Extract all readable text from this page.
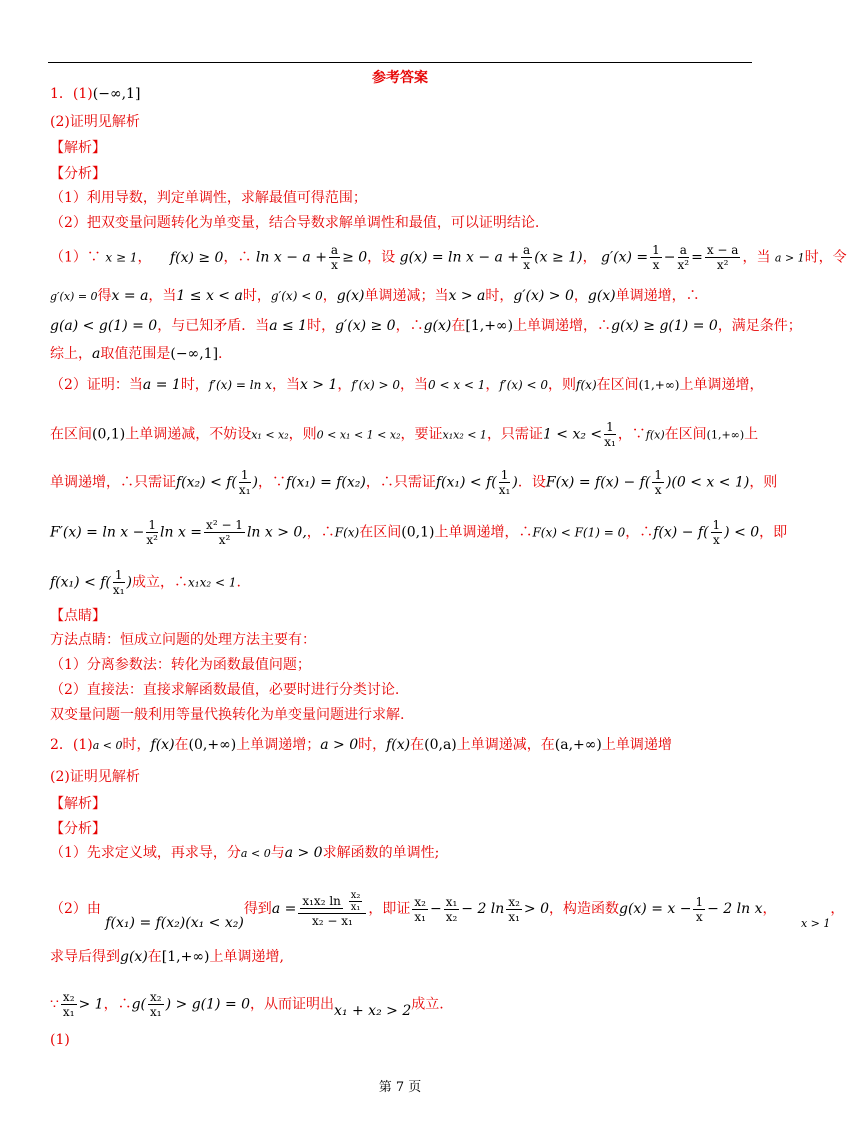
参考答案
1．(1)(−∞,1]
(2)证明见解析
【解析】
【分析】
（1）利用导数，判定单调性，求解最值可得范围；
（2）把双变量问题转化为单变量，结合导数求解单调性和最值，可以证明结论.
（1）∵ x ≥ 1， f(x) ≥ 0，∴ $\ln x - a + \frac{a}{x} \ge 0$，设 $g(x) = \ln x - a + \frac{a}{x} (x \ge 1)$， $g'(x) = \frac{1}{x} - \frac{a}{\text{x²}} = \frac{x - a}{\text{x²}}$ ，当 a > 1时，令
g′(x) = 0得x = a，当1 ≤ x < a时，g′(x) < 0，g(x)单调递减；当x > a时，g′(x) > 0，g(x)单调递增，∴
g(a) < g(1) = 0，与已知矛盾．当a ≤ 1时，g′(x) ≥ 0，∴g(x)在[1,+∞)上单调递增，∴g(x) ≥ g(1) = 0，满足条件；
综上，a取值范围是(−∞,1].
（2）证明：当a = 1时，f′(x) = ln x，当x > 1，f′(x) > 0，当0 < x < 1，f′(x) < 0，则f(x)在区间(1,+∞)上单调递增，
在区间(0,1)上单调递减，不妨设x₁ < x₂，则0 < x₁ < 1 < x₂，要证x₁x₂ < 1，只需证$1 < x_2 < \frac{1}{\text{x₁}}$ ，∵f(x)在区间(1,+∞)上
单调递增，∴只需证$f(x_2) < f( \frac{1}{\text{x₁}}$ )，∵f(x₁) = f(x₂)，∴只需证$f(x_1) < f( \frac{1}{\text{x₁}}$ )．设$F(x) = f(x) - f( \frac{1}{x} )(0 < x < 1)$，则
$F'(x) = \ln x - \frac{1}{\text{x²}}$ $\ln x = \frac{\text{x² − 1}}{\text{x²}}$ ln x > 0,，∴F(x)在区间(0,1)上单调递增，∴F(x) < F(1) = 0，∴f(x) − $f( \frac{1}{x}$ ) < 0，即
$f(x_1) < f( \frac{1}{\text{x₁}}$ )成立，∴x₁x₂ < 1.
【点睛】
方法点睛：恒成立问题的处理方法主要有：
（1）分离参数法：转化为函数最值问题；
（2）直接法：直接求解函数最值，必要时进行分类讨论.
双变量问题一般利用等量代换转化为单变量问题进行求解.
2．(1)a < 0时，f(x)在(0,+∞)上单调递增；a > 0时，f(x)在(0,a)上单调递减，在(a,+∞)上单调递增
(2)证明见解析
【解析】
【分析】
（1）先求定义域，再求导，分a < 0与a > 0求解函数的单调性;
（2）由 f(x₁) = f(x₂)(x₁ < x₂)得到$a = \frac{x_1x_2 \ln \frac{\text{x₂}}{\text{x₁}}}{\text{x₂ − x₁}}$ ，即证 $\frac{\text{x₂}}{\text{x₁}} - \frac{\text{x₁}}{\text{x₂}} - 2$ $\ln \frac{\text{x₂}}{\text{x₁}} > 0$，构造函数$g(x) = x - \frac{1}{x} - 2$ ln x， $_{x > 1}$，
求导后得到g(x)在[1,+∞)上单调递增,
∵ $\frac{\text{x₂}}{\text{x₁}} > 1$，∴g( $\frac{\text{x₂}}{\text{x₁}}$ ) > g(1) = 0，从而证明出x₁ + x₂ > 2成立.
(1)
第 7 页
